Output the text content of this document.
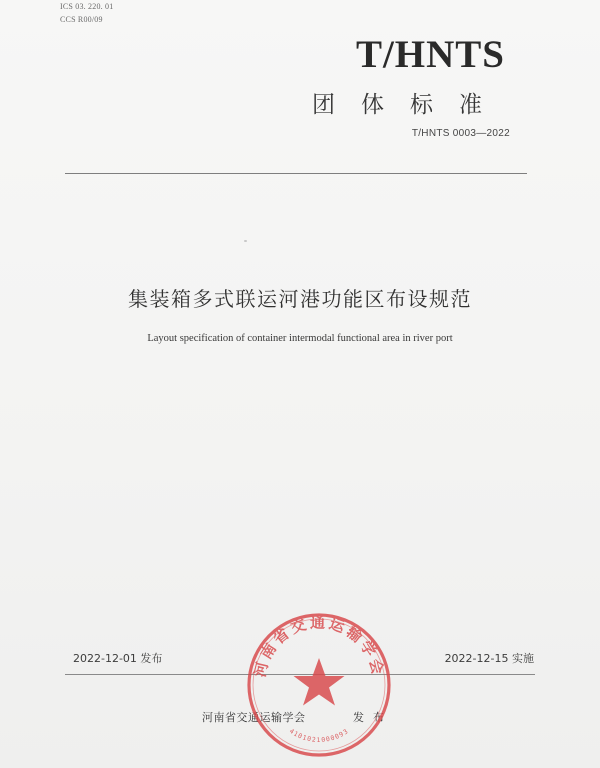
ICS 03. 220. 01
CCS R00/09
T/HNTS
团体标准
T/HNTS 0003—2022
集装箱多式联运河港功能区布设规范
Layout specification of container intermodal functional area in river port
2022-12-01 发布	2022-12-15 实施
河南省交通运输学会	发布
河南省交通运输学会
4101021000093
